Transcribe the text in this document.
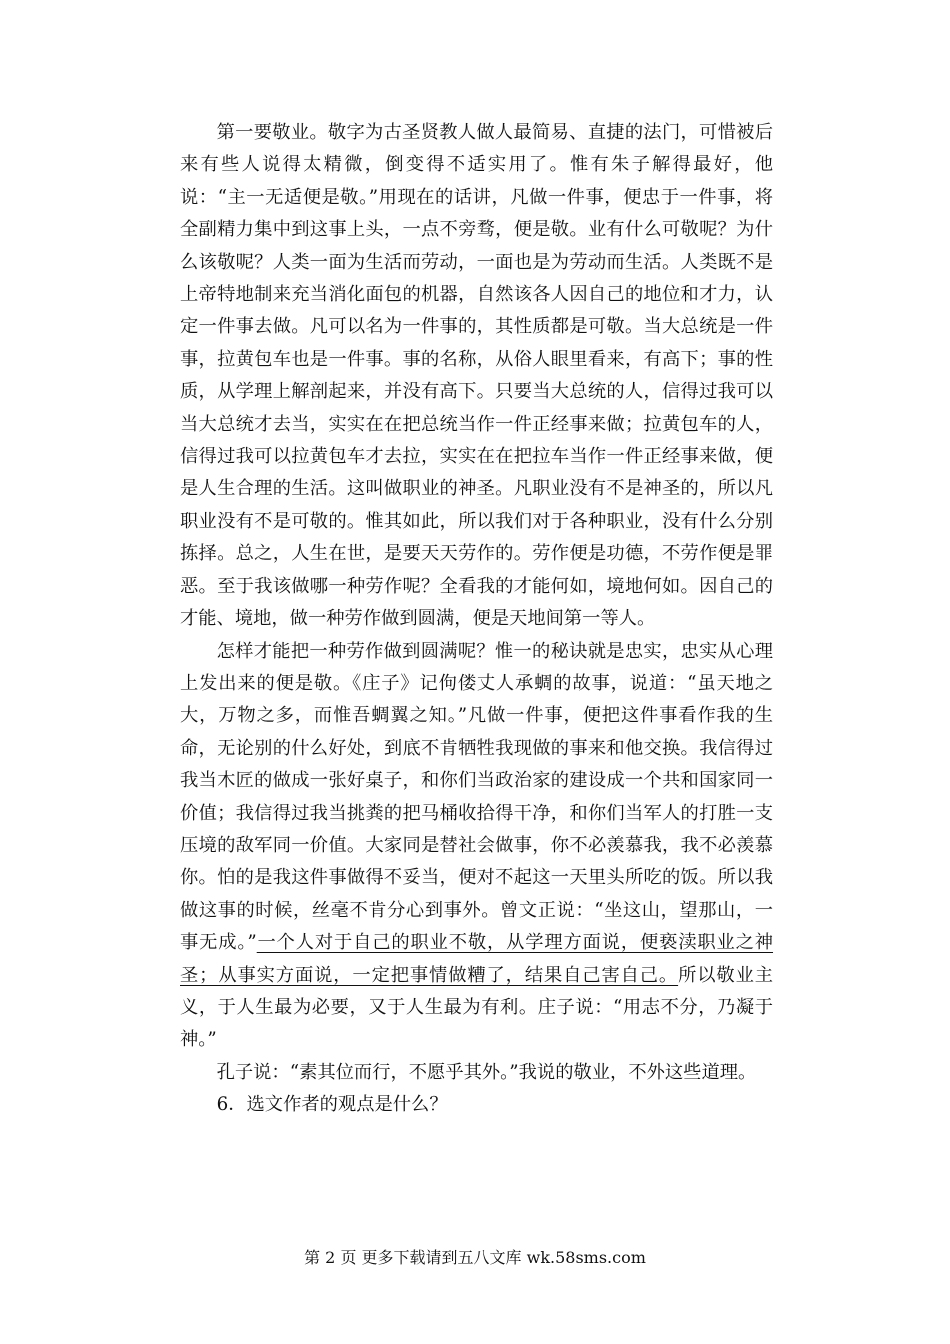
第一要敬业。敬字为古圣贤教人做人最简易、直捷的法门，可惜被后来有些人说得太精微，倒变得不适实用了。惟有朱子解得最好，他说：“主一无适便是敬。”用现在的话讲，凡做一件事，便忠于一件事，将全副精力集中到这事上头，一点不旁骛，便是敬。业有什么可敬呢？为什么该敬呢？人类一面为生活而劳动，一面也是为劳动而生活。人类既不是上帝特地制来充当消化面包的机器，自然该各人因自己的地位和才力，认定一件事去做。凡可以名为一件事的，其性质都是可敬。当大总统是一件事，拉黄包车也是一件事。事的名称，从俗人眼里看来，有高下；事的性质，从学理上解剖起来，并没有高下。只要当大总统的人，信得过我可以当大总统才去当，实实在在把总统当作一件正经事来做；拉黄包车的人，信得过我可以拉黄包车才去拉，实实在在把拉车当作一件正经事来做，便是人生合理的生活。这叫做职业的神圣。凡职业没有不是神圣的，所以凡职业没有不是可敬的。惟其如此，所以我们对于各种职业，没有什么分别拣择。总之，人生在世，是要天天劳作的。劳作便是功德，不劳作便是罪恶。至于我该做哪一种劳作呢？全看我的才能何如，境地何如。因自己的才能、境地，做一种劳作做到圆满，便是天地间第一等人。

怎样才能把一种劳作做到圆满呢？惟一的秘诀就是忠实，忠实从心理上发出来的便是敬。《庄子》记佝偻丈人承蜩的故事，说道：“虽天地之大，万物之多，而惟吾蜩翼之知。”凡做一件事，便把这件事看作我的生命，无论别的什么好处，到底不肯牺牲我现做的事来和他交换。我信得过我当木匠的做成一张好桌子，和你们当政治家的建设成一个共和国家同一价值；我信得过我当挑粪的把马桶收拾得干净，和你们当军人的打胜一支压境的敌军同一价值。大家同是替社会做事，你不必羡慕我，我不必羡慕你。怕的是我这件事做得不妥当，便对不起这一天里头所吃的饭。所以我做这事的时候，丝毫不肯分心到事外。曾文正说：“坐这山，望那山，一事无成。”一个人对于自己的职业不敬，从学理方面说，便亵渎职业之神圣；从事实方面说，一定把事情做糟了，结果自己害自己。所以敬业主义，于人生最为必要，又于人生最为有利。庄子说：“用志不分，乃凝于神。”

孔子说：“素其位而行，不愿乎其外。”我说的敬业，不外这些道理。

6．选文作者的观点是什么？

第 2 页 更多下载请到五八文库 wk.58sms.com
